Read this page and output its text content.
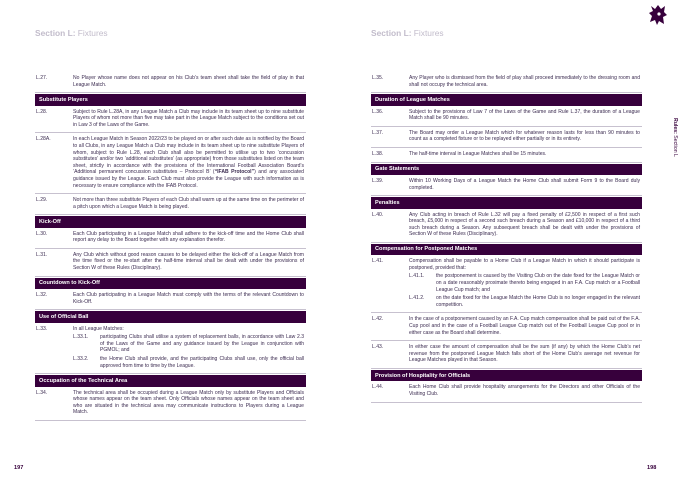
Section L: Fixtures	Section L: Fixtures
Rules: Section L
L.27.	No Player whose name does not appear on his Club’s team sheet shall take the field of play in that League Match.
Substitute Players
L.28.	Subject to Rule L.28A, in any League Match a Club may include in its team sheet up to nine substitute Players of whom not more than five may take part in the League Match subject to the conditions set out in Law 3 of the Laws of the Game.
L.28A.	In each League Match in Season 2022/23 to be played on or after such date as is notified by the Board to all Clubs, in any League Match a Club may include in its team sheet up to nine substitute Players of whom, subject to Rule L.28, each Club shall also be permitted to utilise up to two ‘concussion substitutes’ and/or two ‘additional substitutes’ (as appropriate) from those substitutes listed on the team sheet, strictly in accordance with the provisions of the International Football Association Board’s ‘Additional permanent concussion substitutes – Protocol B’ (“IFAB Protocol”) and any associated guidance issued by the League. Each Club must also provide the League with such information as is necessary to ensure compliance with the IFAB Protocol.
L.29.	Not more than three substitute Players of each Club shall warm up at the same time on the perimeter of a pitch upon which a League Match is being played.
Kick-Off
L.30.	Each Club participating in a League Match shall adhere to the kick-off time and the Home Club shall report any delay to the Board together with any explanation therefor.
L.31.	Any Club which without good reason causes to be delayed either the kick-off of a League Match from the time fixed or the re-start after the half-time interval shall be dealt with under the provisions of Section W of these Rules (Disciplinary).
Countdown to Kick-Off
L.32.	Each Club participating in a League Match must comply with the terms of the relevant Countdown to Kick-Off.
Use of Official Ball
L.33.	In all League Matches:
L.33.1.	participating Clubs shall utilise a system of replacement balls, in accordance with Law 2.3 of the Laws of the Game and any guidance issued by the League in conjunction with PGMOL; and
L.33.2.	the Home Club shall provide, and the participating Clubs shall use, only the official ball approved from time to time by the League.
Occupation of the Technical Area
L.34.	The technical area shall be occupied during a League Match only by substitute Players and Officials whose names appear on the team sheet. Only Officials whose names appear on the team sheet and who are situated in the technical area may communicate instructions to Players during a League Match.
L.35.	Any Player who is dismissed from the field of play shall proceed immediately to the dressing room and shall not occupy the technical area.
Duration of League Matches
L.36.	Subject to the provisions of Law 7 of the Laws of the Game and Rule L.37, the duration of a League Match shall be 90 minutes.
L.37.	The Board may order a League Match which for whatever reason lasts for less than 90 minutes to count as a completed fixture or to be replayed either partially or in its entirety.
L.38.	The half-time interval in League Matches shall be 15 minutes.
Gate Statements
L.39.	Within 10 Working Days of a League Match the Home Club shall submit Form 9 to the Board duly completed.
Penalties
L.40.	Any Club acting in breach of Rule L.32 will pay a fixed penalty of £2,500 in respect of a first such breach, £5,000 in respect of a second such breach during a Season and £10,000 in respect of a third such breach during a Season. Any subsequent breach shall be dealt with under the provisions of Section W of these Rules (Disciplinary).
Compensation for Postponed Matches
L.41.	Compensation shall be payable to a Home Club if a League Match in which it should participate is postponed, provided that:
L.41.1.	the postponement is caused by the Visiting Club on the date fixed for the League Match or on a date reasonably proximate thereto being engaged in an F.A. Cup match or a Football League Cup match; and
L.41.2.	on the date fixed for the League Match the Home Club is no longer engaged in the relevant competition.
L.42.	In the case of a postponement caused by an F.A. Cup match compensation shall be paid out of the F.A. Cup pool and in the case of a Football League Cup match out of the Football League Cup pool or in either case as the Board shall determine.
L.43.	In either case the amount of compensation shall be the sum (if any) by which the Home Club’s net revenue from the postponed League Match falls short of the Home Club’s average net revenue for League Matches played in that Season.
Provision of Hospitality for Officials
L.44.	Each Home Club shall provide hospitality arrangements for the Directors and other Officials of the Visiting Club.
197	198
